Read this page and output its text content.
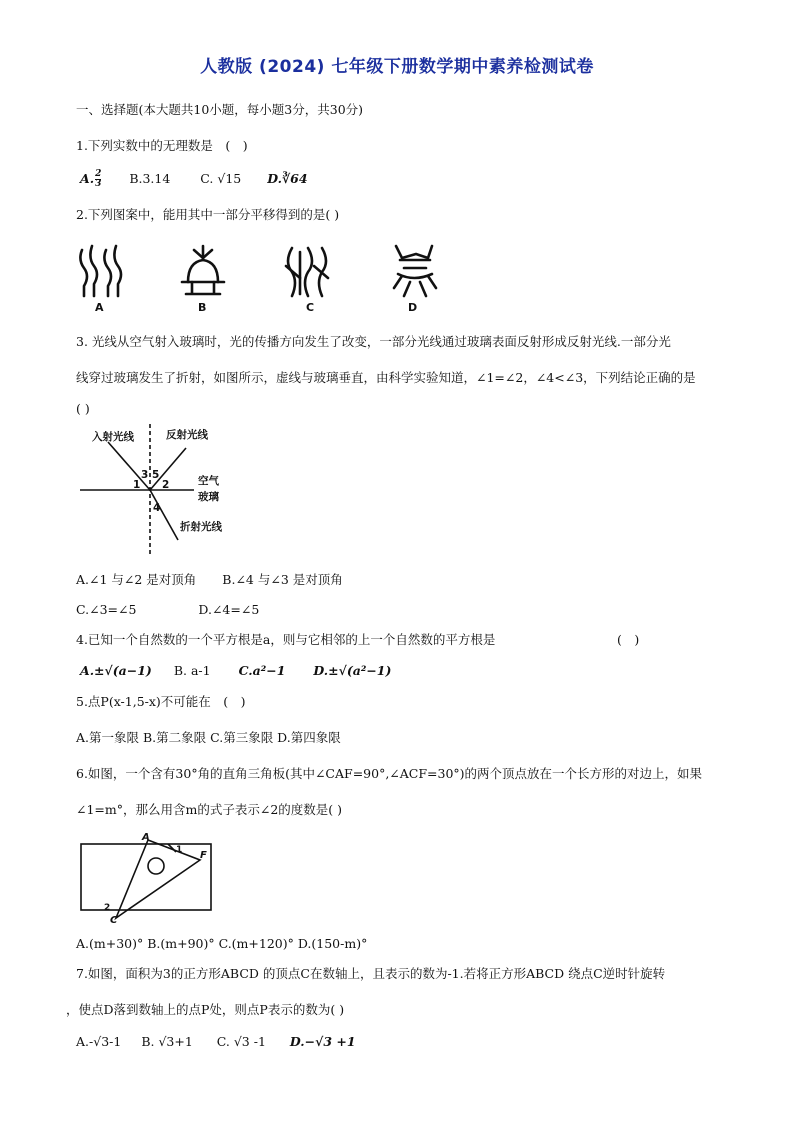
人教版 (2024) 七年级下册数学期中素养检测试卷
一、选择题(本大题共10小题，每小题3分，共30分)
1.下列实数中的无理数是　(　)
A. $\frac{2}{3} B.3.14$ C. √15 D.∛64
2.下列图案中，能用其中一部分平移得到的是( )
A	B	C	D
3. 光线从空气射入玻璃时，光的传播方向发生了改变，一部分光线通过玻璃表面反射形成反射光线.一部分光
线穿过玻璃发生了折射，如图所示，虚线与玻璃垂直，由科学实验知道，∠1=∠2，∠4<∠3，下列结论正确的是
( )
入射光线	反射光线
空气
玻璃
折射光线
1
3 5
2
4
A.∠1 与∠2 是对顶角 B.∠4 与∠3 是对顶角
C.∠3=∠5	D.∠4=∠5
4.已知一个自然数的一个平方根是a，则与它相邻的上一个自然数的平方根是	(　)
A.±√(a−1) B. a-1 C.a²−1 D.±√(a²−1)
5.点P(x-1,5-x)不可能在　(　)
A.第一象限 B.第二象限 C.第三象限 D.第四象限
6.如图，一个含有30°角的直角三角板(其中∠CAF=90°,∠ACF=30°)的两个顶点放在一个长方形的对边上，如果
∠1=m°，那么用含m的式子表示∠2的度数是( )
A
F
C
1
2
A.(m+30)° B.(m+90)° C.(m+120)° D.(150-m)°
7.如图，面积为3的正方形ABCD 的顶点C在数轴上，且表示的数为-1.若将正方形ABCD 绕点C逆时针旋转
，使点D落到数轴上的点P处，则点P表示的数为( )
A.-√3-1 B. √3+1 C. √3 -1 D.−√3 +1
